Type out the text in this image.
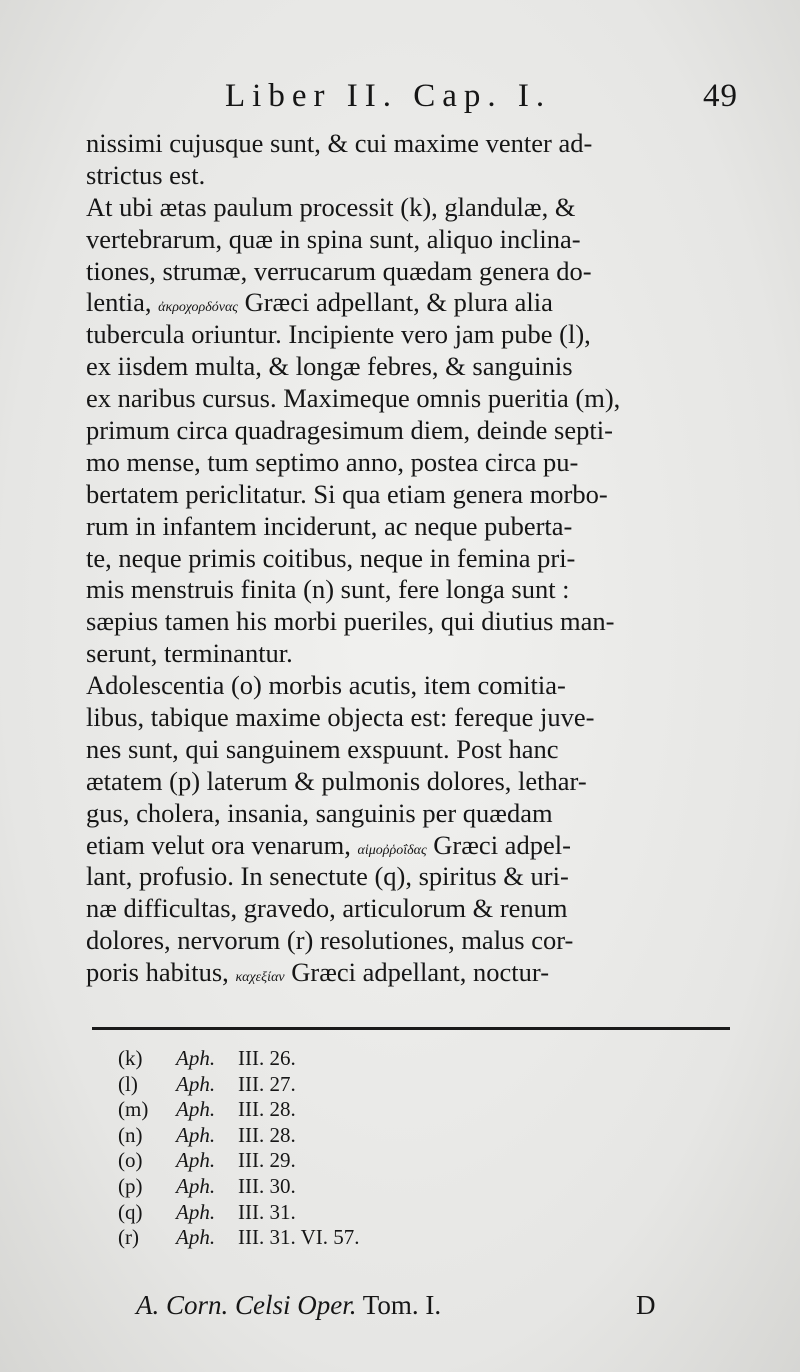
Liber II. Cap. I.	49
nissimi cujusque sunt, & cui maxime venter ad-
strictus est.
At ubi ætas paulum processit (k), glandulæ, &
vertebrarum, quæ in spina sunt, aliquo inclina-
tiones, strumæ, verrucarum quædam genera do-
lentia, ἀκροχορδόνας Græci adpellant, & plura alia
tubercula oriuntur. Incipiente vero jam pube (l),
ex iisdem multa, & longæ febres, & sanguinis
ex naribus cursus. Maximeque omnis pueritia (m),
primum circa quadragesimum diem, deinde septi-
mo mense, tum septimo anno, postea circa pu-
bertatem periclitatur. Si qua etiam genera morbo-
rum in infantem inciderunt, ac neque puberta-
te, neque primis coitibus, neque in femina pri-
mis menstruis finita (n) sunt, fere longa sunt :
sæpius tamen his morbi pueriles, qui diutius man-
serunt, terminantur.
Adolescentia (o) morbis acutis, item comitia-
libus, tabique maxime objecta est: fereque juve-
nes sunt, qui sanguinem exspuunt. Post hanc
ætatem (p) laterum & pulmonis dolores, lethar-
gus, cholera, insania, sanguinis per quædam
etiam velut ora venarum, αἱμοῤῥοΐδας Græci adpel-
lant, profusio. In senectute (q), spiritus & uri-
næ difficultas, gravedo, articulorum & renum
dolores, nervorum (r) resolutiones, malus cor-
poris habitus, καχεξίαν Græci adpellant, noctur-
(k) Aph. III. 26.
(l) Aph. III. 27.
(m) Aph. III. 28.
(n) Aph. III. 28.
(o) Aph. III. 29.
(p) Aph. III. 30.
(q) Aph. III. 31.
(r) Aph. III. 31. VI. 57.
A. Corn. Celsi Oper. Tom. I.	D
